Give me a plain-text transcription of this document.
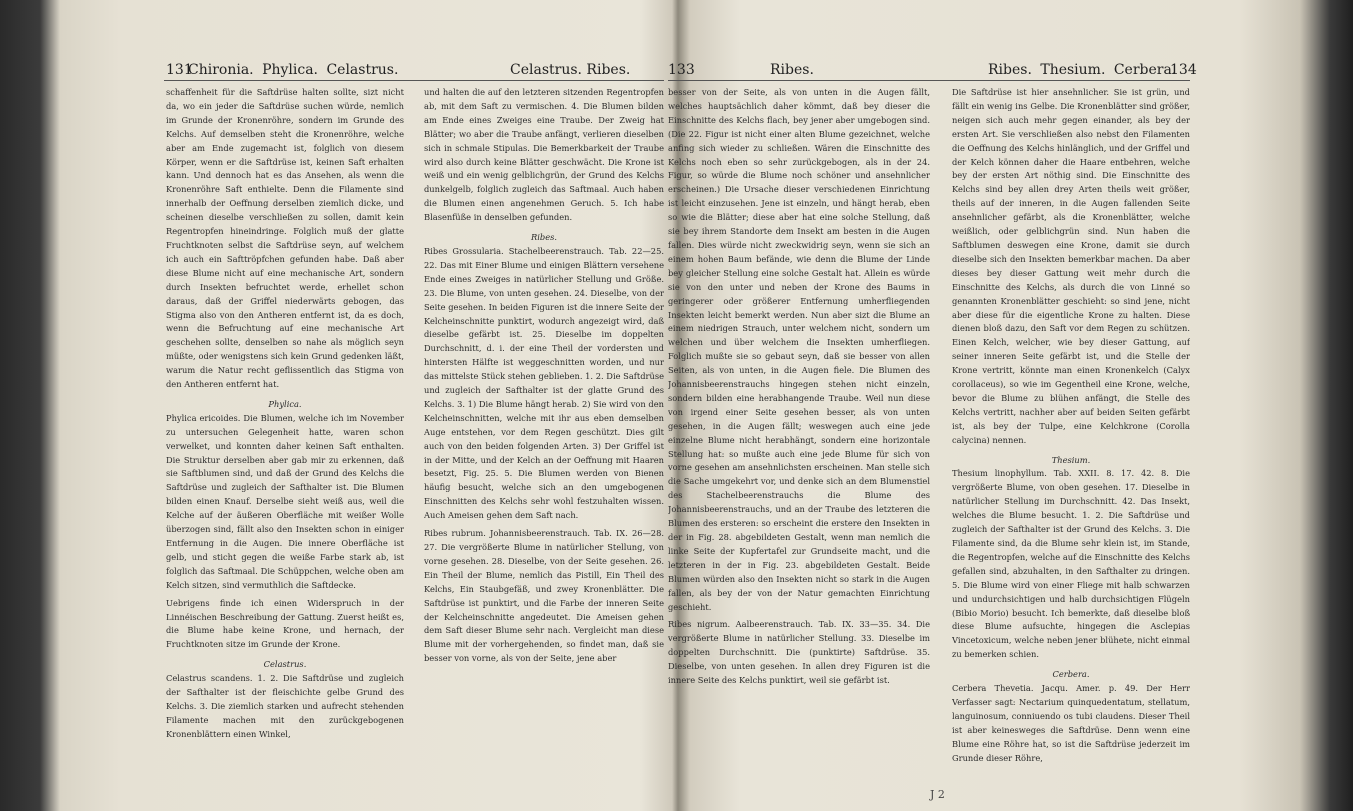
131
Chironia. Phylica. Celastrus.	Celastrus. Ribes.	133	Ribes.	Ribes. Thesium. Cerbera.
134

schaffenheit für die Saftdrüse halten sollte, sizt nicht da, wo ein jeder die Saftdrüse suchen würde, nemlich im Grunde der Kronenröhre, sondern im Grunde des Kelchs. Auf demselben steht die Kronenröhre, welche aber am Ende zugemacht ist, folglich von diesem Körper, wenn er die Saftdrüse ist, keinen Saft erhalten kann. Und dennoch hat es das Ansehen, als wenn die Kronenröhre Saft enthielte. Denn die Filamente sind innerhalb der Oeffnung derselben ziemlich dicke, und scheinen dieselbe verschließen zu sollen, damit kein Regentropfen hineindringe. Folglich muß der glatte Fruchtknoten selbst die Saftdrüse seyn, auf welchem ich auch ein Safttröpfchen gefunden habe. Daß aber diese Blume nicht auf eine mechanische Art, sondern durch Insekten befruchtet werde, erhellet schon daraus, daß der Griffel niederwärts gebogen, das Stigma also von den Antheren entfernt ist, da es doch, wenn die Befruchtung auf eine mechanische Art geschehen sollte, denselben so nahe als möglich seyn müßte, oder wenigstens sich kein Grund gedenken läßt, warum die Natur recht geflissentlich das Stigma von den Antheren entfernt hat.

Phylica.

Phylica ericoides. Die Blumen, welche ich im November zu untersuchen Gelegenheit hatte, waren schon verwelket, und konnten daher keinen Saft enthalten. Die Struktur derselben aber gab mir zu erkennen, daß sie Saftblumen sind, und daß der Grund des Kelchs die Saftdrüse und zugleich der Safthalter ist. Die Blumen bilden einen Knauf. Derselbe sieht weiß aus, weil die Kelche auf der äußeren Oberfläche mit weißer Wolle überzogen sind, fällt also den Insekten schon in einiger Entfernung in die Augen. Die innere Oberfläche ist gelb, und sticht gegen die weiße Farbe stark ab, ist folglich das Saftmaal. Die Schüppchen, welche oben am Kelch sitzen, sind vermuthlich die Saftdecke.

Uebrigens finde ich einen Widerspruch in der Linnéischen Beschreibung der Gattung. Zuerst heißt es, die Blume habe keine Krone, und hernach, der Fruchtknoten sitze im Grunde der Krone.

Celastrus.

Celastrus scandens. 1. 2. Die Saftdrüse und zugleich der Safthalter ist der fleischichte gelbe Grund des Kelchs. 3. Die ziemlich starken und aufrecht stehenden Filamente machen mit den zurückgebogenen Kronenblättern einen Winkel,

und halten die auf den letzteren sitzenden Regentropfen ab, mit dem Saft zu vermischen. 4. Die Blumen bilden am Ende eines Zweiges eine Traube. Der Zweig hat Blätter; wo aber die Traube anfängt, verlieren dieselben sich in schmale Stipulas. Die Bemerkbarkeit der Traube wird also durch keine Blätter geschwächt. Die Krone ist weiß und ein wenig gelblichgrün, der Grund des Kelchs dunkelgelb, folglich zugleich das Saftmaal. Auch haben die Blumen einen angenehmen Geruch. 5. Ich habe Blasenfüße in denselben gefunden.

Ribes.

Ribes Grossularia. Stachelbeerenstrauch. Tab. 22—25. 22. Das mit Einer Blume und einigen Blättern versehene Ende eines Zweiges in natürlicher Stellung und Größe. 23. Die Blume, von unten gesehen. 24. Dieselbe, von der Seite gesehen. In beiden Figuren ist die innere Seite der Kelcheinschnitte punktirt, wodurch angezeigt wird, daß dieselbe gefärbt ist. 25. Dieselbe im doppelten Durchschnitt, d. i. der eine Theil der vordersten und hintersten Hälfte ist weggeschnitten worden, und nur das mittelste Stück stehen geblieben. 1. 2. Die Saftdrüse und zugleich der Safthalter ist der glatte Grund des Kelchs. 3. 1) Die Blume hängt herab. 2) Sie wird von den Kelcheinschnitten, welche mit ihr aus eben demselben Auge entstehen, vor dem Regen geschützt. Dies gilt auch von den beiden folgenden Arten. 3) Der Griffel ist in der Mitte, und der Kelch an der Oeffnung mit Haaren besetzt, Fig. 25. 5. Die Blumen werden von Bienen häufig besucht, welche sich an den umgebogenen Einschnitten des Kelchs sehr wohl festzuhalten wissen. Auch Ameisen gehen dem Saft nach.

Ribes rubrum. Johannisbeerenstrauch. Tab. IX. 26—28. 27. Die vergrößerte Blume in natürlicher Stellung, von vorne gesehen. 28. Dieselbe, von der Seite gesehen. 26. Ein Theil der Blume, nemlich das Pistill, Ein Theil des Kelchs, Ein Staubgefäß, und zwey Kronenblätter. Die Saftdrüse ist punktirt, und die Farbe der inneren Seite der Kelcheinschnitte angedeutet. Die Ameisen gehen dem Saft dieser Blume sehr nach. Vergleicht man diese Blume mit der vorhergehenden, so findet man, daß sie besser von vorne, als von der Seite, jene aber

besser von der Seite, als von unten in die Augen fällt, welches hauptsächlich daher kömmt, daß bey dieser die Einschnitte des Kelchs flach, bey jener aber umgebogen sind. (Die 22. Figur ist nicht einer alten Blume gezeichnet, welche anfing sich wieder zu schließen. Wären die Einschnitte des Kelchs noch eben so sehr zurückgebogen, als in der 24. Figur, so würde die Blume noch schöner und ansehnlicher erscheinen.) Die Ursache dieser verschiedenen Einrichtung ist leicht einzusehen. Jene ist einzeln, und hängt herab, eben so wie die Blätter; diese aber hat eine solche Stellung, daß sie bey ihrem Standorte dem Insekt am besten in die Augen fallen. Dies würde nicht zweckwidrig seyn, wenn sie sich an einem hohen Baum befände, wie denn die Blume der Linde bey gleicher Stellung eine solche Gestalt hat. Allein es würde sie von den unter und neben der Krone des Baums in geringerer oder größerer Entfernung umherfliegenden Insekten leicht bemerkt werden. Nun aber sizt die Blume an einem niedrigen Strauch, unter welchem nicht, sondern um welchen und über welchem die Insekten umherfliegen. Folglich mußte sie so gebaut seyn, daß sie besser von allen Seiten, als von unten, in die Augen fiele. Die Blumen des Johannisbeerenstrauchs hingegen stehen nicht einzeln, sondern bilden eine herabhangende Traube. Weil nun diese von irgend einer Seite gesehen besser, als von unten gesehen, in die Augen fällt; weswegen auch eine jede einzelne Blume nicht herabhängt, sondern eine horizontale Stellung hat: so mußte auch eine jede Blume für sich von vorne gesehen am ansehnlichsten erscheinen. Man stelle sich die Sache umgekehrt vor, und denke sich an dem Blumenstiel des Stachelbeerenstrauchs die Blume des Johannisbeerenstrauchs, und an der Traube des letzteren die Blumen des ersteren: so erscheint die erstere den Insekten in der in Fig. 28. abgebildeten Gestalt, wenn man nemlich die linke Seite der Kupfertafel zur Grundseite macht, und die letzteren in der in Fig. 23. abgebildeten Gestalt. Beide Blumen würden also den Insekten nicht so stark in die Augen fallen, als bey der von der Natur gemachten Einrichtung geschieht.

Ribes nigrum. Aalbeerenstrauch. Tab. IX. 33—35. 34. Die vergrößerte Blume in natürlicher Stellung. 33. Dieselbe im doppelten Durchschnitt. Die (punktirte) Saftdrüse. 35. Dieselbe, von unten gesehen. In allen drey Figuren ist die innere Seite des Kelchs punktirt, weil sie gefärbt ist.

Die Saftdrüse ist hier ansehnlicher. Sie ist grün, und fällt ein wenig ins Gelbe. Die Kronenblätter sind größer, neigen sich auch mehr gegen einander, als bey der ersten Art. Sie verschließen also nebst den Filamenten die Oeffnung des Kelchs hinlänglich, und der Griffel und der Kelch können daher die Haare entbehren, welche bey der ersten Art nöthig sind. Die Einschnitte des Kelchs sind bey allen drey Arten theils weit größer, theils auf der inneren, in die Augen fallenden Seite ansehnlicher gefärbt, als die Kronenblätter, welche weißlich, oder gelblichgrün sind. Nun haben die Saftblumen deswegen eine Krone, damit sie durch dieselbe sich den Insekten bemerkbar machen. Da aber dieses bey dieser Gattung weit mehr durch die Einschnitte des Kelchs, als durch die von Linné so genannten Kronenblätter geschieht: so sind jene, nicht aber diese für die eigentliche Krone zu halten. Diese dienen bloß dazu, den Saft vor dem Regen zu schützen. Einen Kelch, welcher, wie bey dieser Gattung, auf seiner inneren Seite gefärbt ist, und die Stelle der Krone vertritt, könnte man einen Kronenkelch (Calyx corollaceus), so wie im Gegentheil eine Krone, welche, bevor die Blume zu blühen anfängt, die Stelle des Kelchs vertritt, nachher aber auf beiden Seiten gefärbt ist, als bey der Tulpe, eine Kelchkrone (Corolla calycina) nennen.

Thesium.

Thesium linophyllum. Tab. XXII. 8. 17. 42. 8. Die vergrößerte Blume, von oben gesehen. 17. Dieselbe in natürlicher Stellung im Durchschnitt. 42. Das Insekt, welches die Blume besucht. 1. 2. Die Saftdrüse und zugleich der Safthalter ist der Grund des Kelchs. 3. Die Filamente sind, da die Blume sehr klein ist, im Stande, die Regentropfen, welche auf die Einschnitte des Kelchs gefallen sind, abzuhalten, in den Safthalter zu dringen. 5. Die Blume wird von einer Fliege mit halb schwarzen und undurchsichtigen und halb durchsichtigen Flügeln (Bibio Morio) besucht. Ich bemerkte, daß dieselbe bloß diese Blume aufsuchte, hingegen die Asclepias Vincetoxicum, welche neben jener blühete, nicht einmal zu bemerken schien.

Cerbera.

Cerbera Thevetia. Jacqu. Amer. p. 49. Der Herr Verfasser sagt: Nectarium quinquedentatum, stellatum, languinosum, conniuendo os tubi claudens. Dieser Theil ist aber keinesweges die Saftdrüse. Denn wenn eine Blume eine Röhre hat, so ist die Saftdrüse jederzeit im Grunde dieser Röhre,

J 2
